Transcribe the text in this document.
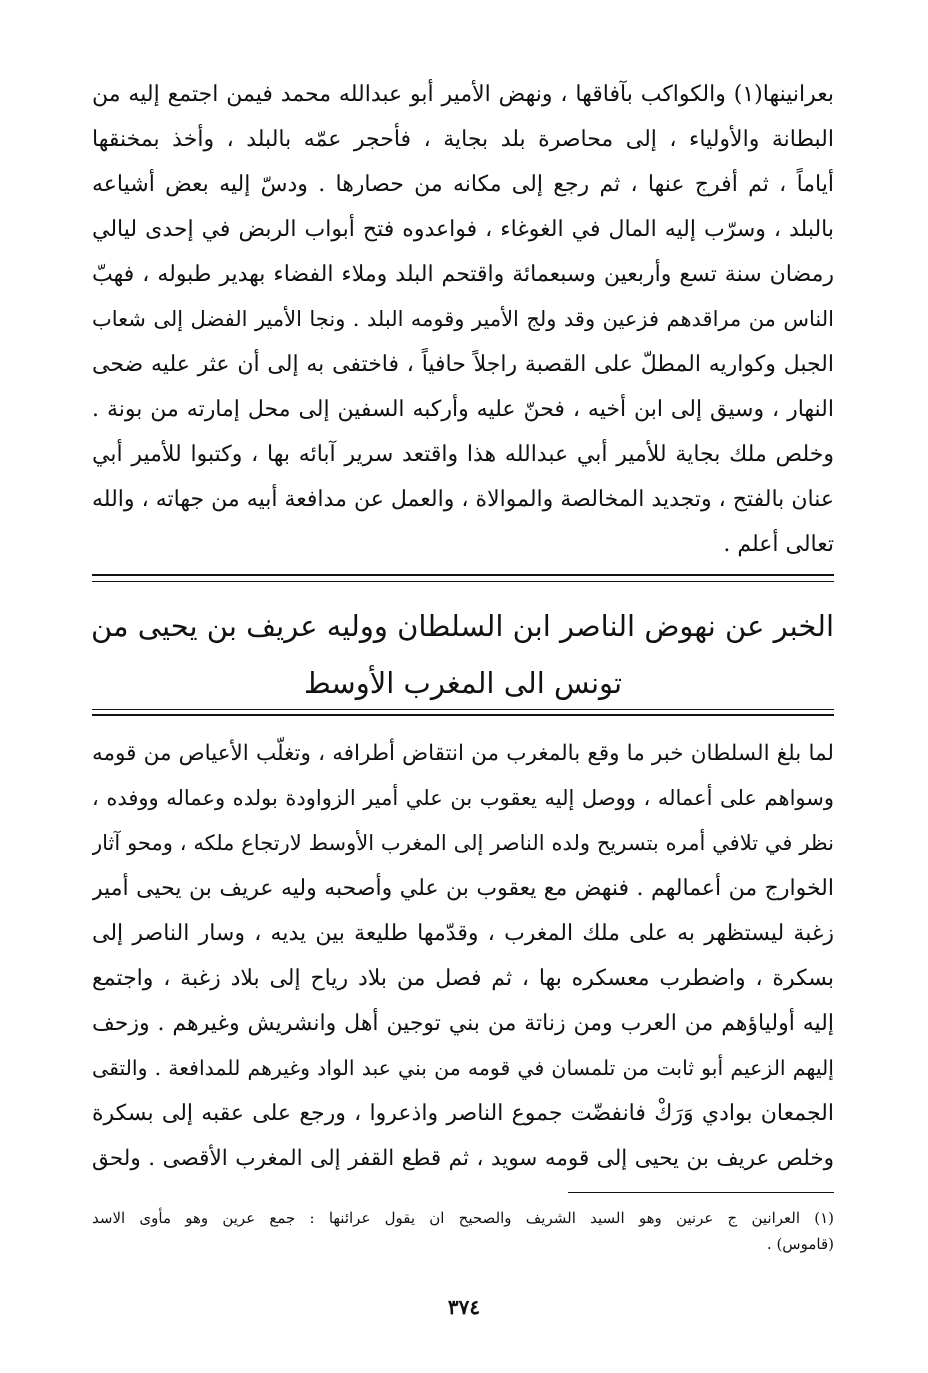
بعرانينها(١) والكواكب بآفاقها ، ونهض الأمير أبو عبدالله محمد فيمن اجتمع إليه من
البطانة والأولياء ، إلى محاصرة بلد بجاية ، فأحجر عمّه بالبلد ، وأخذ بمخنقها
أياماً ، ثم أفرج عنها ، ثم رجع إلى مكانه من حصارها . ودسّ إليه بعض أشياعه
بالبلد ، وسرّب إليه المال في الغوغاء ، فواعدوه فتح أبواب الربض في إحدى ليالي
رمضان سنة تسع وأربعين وسبعمائة واقتحم البلد وملاء الفضاء بهدير طبوله ، فهبّ
الناس من مراقدهم فزعين وقد ولج الأمير وقومه البلد . ونجا الأمير الفضل إلى شعاب
الجبل وكواريه المطلّ على القصبة راجلاً حافياً ، فاختفى به إلى أن عثر عليه ضحى
النهار ، وسيق إلى ابن أخيه ، فحنّ عليه وأركبه السفين إلى محل إمارته من بونة .
وخلص ملك بجاية للأمير أبي عبدالله هذا واقتعد سرير آبائه بها ، وكتبوا للأمير أبي
عنان بالفتح ، وتجديد المخالصة والموالاة ، والعمل عن مدافعة أبيه من جهاته ، والله
تعالى أعلم .
الخبر عن نهوض الناصر ابن السلطان ووليه عريف بن يحيى من
تونس الى المغرب الأوسط
لما بلغ السلطان خبر ما وقع بالمغرب من انتقاض أطرافه ، وتغلّب الأعياص من قومه
وسواهم على أعماله ، ووصل إليه يعقوب بن علي أمير الزواودة بولده وعماله ووفده ،
نظر في تلافي أمره بتسريح ولده الناصر إلى المغرب الأوسط لارتجاع ملكه ، ومحو آثار
الخوارج من أعمالهم . فنهض مع يعقوب بن علي وأصحبه وليه عريف بن يحيى أمير
زغبة ليستظهر به على ملك المغرب ، وقدّمها طليعة بين يديه ، وسار الناصر إلى
بسكرة ، واضطرب معسكره بها ، ثم فصل من بلاد رياح إلى بلاد زغبة ، واجتمع
إليه أولياؤهم من العرب ومن زناتة من بني توجين أهل وانشريش وغيرهم . وزحف
إليهم الزعيم أبو ثابت من تلمسان في قومه من بني عبد الواد وغيرهم للمدافعة . والتقى
الجمعان بوادي وَرَكْ فانفضّت جموع الناصر واذعروا ، ورجع على عقبه إلى بسكرة
وخلص عريف بن يحيى إلى قومه سويد ، ثم قطع القفر إلى المغرب الأقصى . ولحق
(١) العرانين ج عرنين وهو السيد الشريف والصحيح ان يقول عرائنها : جمع عرين وهو مأوى الاسد
(قاموس) .
٣٧٤
